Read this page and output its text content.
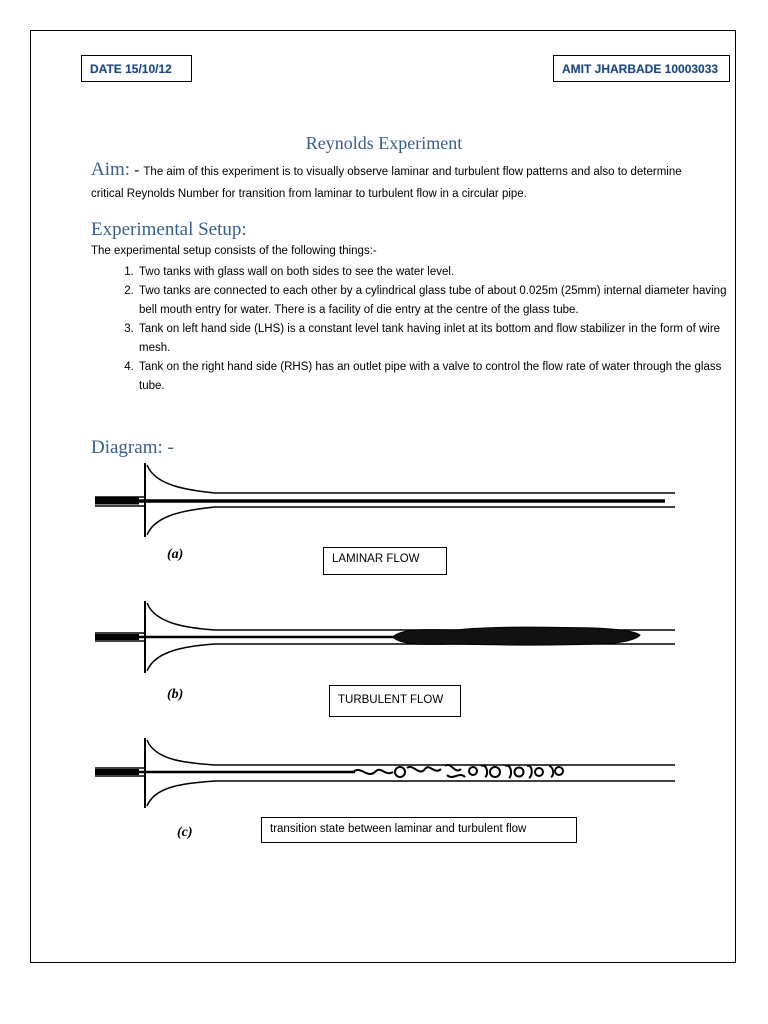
DATE 15/10/12	AMIT JHARBADE 10003033
Reynolds Experiment
Aim: - The aim of this experiment is to visually observe laminar and turbulent flow patterns and also to determine critical Reynolds Number for transition from laminar to turbulent flow in a circular pipe.
Experimental Setup:
The experimental setup consists of the following things:-
1. Two tanks with glass wall on both sides to see the water level.
2. Two tanks are connected to each other by a cylindrical glass tube of about 0.025m (25mm) internal diameter having bell mouth entry for water. There is a facility of die entry at the centre of the glass tube.
3. Tank on left hand side (LHS) is a constant level tank having inlet at its bottom and flow stabilizer in the form of wire mesh.
4. Tank on the right hand side (RHS) has an outlet pipe with a valve to control the flow rate of water through the glass tube.
Diagram: -
(a)
(b)
(c)
LAMINAR FLOW
TURBULENT FLOW
transition state between laminar and turbulent flow
